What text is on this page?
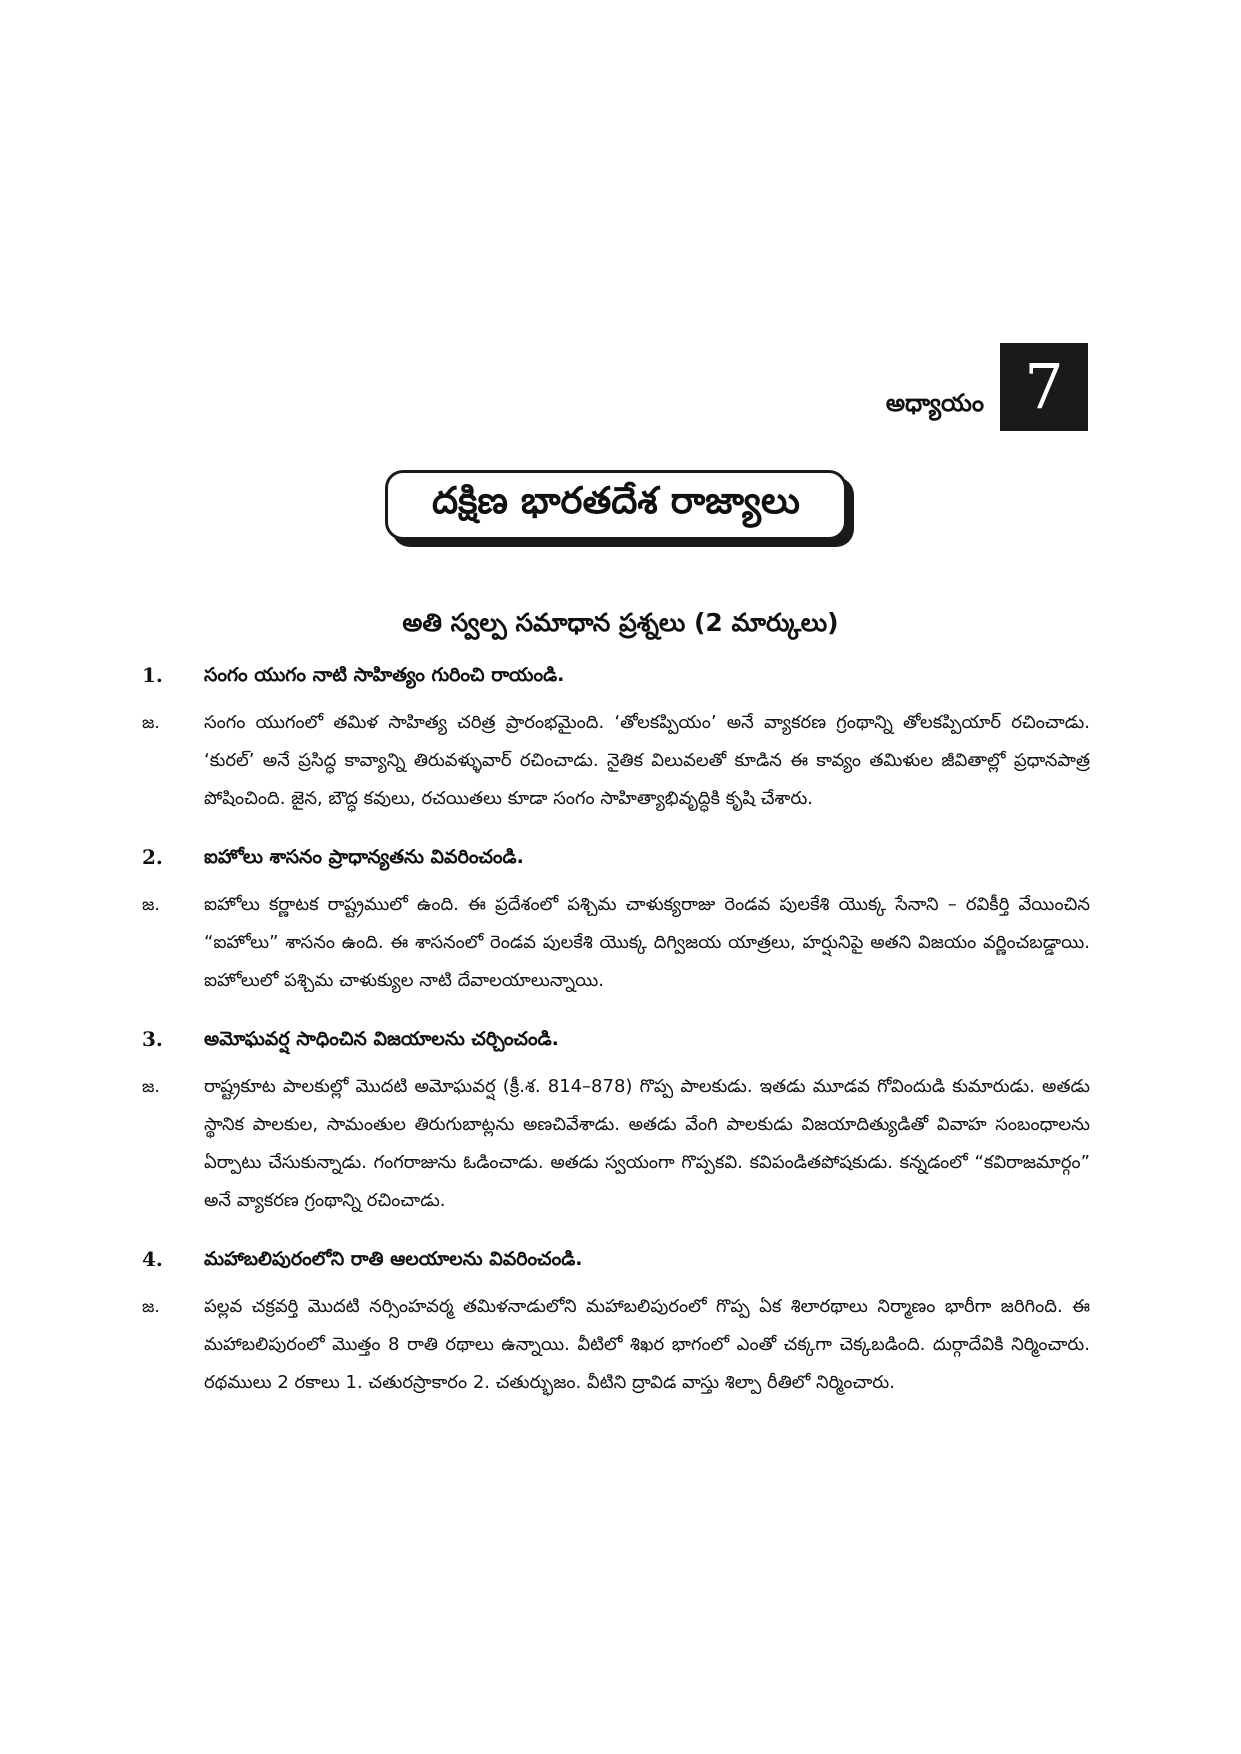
అధ్యాయం 7
దక్షిణ భారతదేశ రాజ్యాలు
అతి స్వల్ప సమాధాన ప్రశ్నలు (2 మార్కులు)
1.	సంగం యుగం నాటి సాహిత్యం గురించి రాయండి.
జ.	సంగం యుగంలో తమిళ సాహిత్య చరిత్ర ప్రారంభమైంది. ‘తోలకప్పియం’ అనే వ్యాకరణ గ్రంథాన్ని తోలకప్పియార్ రచించాడు. ‘కురల్’ అనే ప్రసిద్ధ కావ్యాన్ని తిరువళ్ళువార్ రచించాడు. నైతిక విలువలతో కూడిన ఈ కావ్యం తమిళుల జీవితాల్లో ప్రధానపాత్ర పోషించింది. జైన, బౌద్ధ కవులు, రచయితలు కూడా సంగం సాహిత్యాభివృద్ధికి కృషి చేశారు.
2.	ఐహోలు శాసనం ప్రాధాన్యతను వివరించండి.
జ.	ఐహోలు కర్ణాటక రాష్ట్రములో ఉంది. ఈ ప్రదేశంలో పశ్చిమ చాళుక్యరాజు రెండవ పులకేశి యొక్క సేనాని – రవికీర్తి వేయించిన “ఐహోలు” శాసనం ఉంది. ఈ శాసనంలో రెండవ పులకేశి యొక్క దిగ్విజయ యాత్రలు, హర్షునిపై అతని విజయం వర్ణించబడ్డాయి. ఐహోలులో పశ్చిమ చాళుక్యుల నాటి దేవాలయాలున్నాయి.
3.	అమోఘవర్ష సాధించిన విజయాలను చర్చించండి.
జ.	రాష్ట్రకూట పాలకుల్లో మొదటి అమోఘవర్ష (క్రీ.శ. 814–878) గొప్ప పాలకుడు. ఇతడు మూడవ గోవిందుడి కుమారుడు. అతడు స్థానిక పాలకుల, సామంతుల తిరుగుబాట్లను అణచివేశాడు. అతడు వేంగి పాలకుడు విజయాదిత్యుడితో వివాహ సంబంధాలను ఏర్పాటు చేసుకున్నాడు. గంగరాజును ఓడించాడు. అతడు స్వయంగా గొప్పకవి. కవిపండితపోషకుడు. కన్నడంలో “కవిరాజమార్గం” అనే వ్యాకరణ గ్రంథాన్ని రచించాడు.
4.	మహాబలిపురంలోని రాతి ఆలయాలను వివరించండి.
జ.	పల్లవ చక్రవర్తి మొదటి నర్సింహవర్మ తమిళనాడులోని మహాబలిపురంలో గొప్ప ఏక శిలారథాలు నిర్మాణం భారీగా జరిగింది. ఈ మహాబలిపురంలో మొత్తం 8 రాతి రథాలు ఉన్నాయి. వీటిలో శిఖర భాగంలో ఎంతో చక్కగా చెక్కబడింది. దుర్గాదేవికి నిర్మించారు. రథములు 2 రకాలు 1. చతురస్రాకారం 2. చతుర్భుజం. వీటిని ద్రావిడ వాస్తు శిల్పా రీతిలో నిర్మించారు.
